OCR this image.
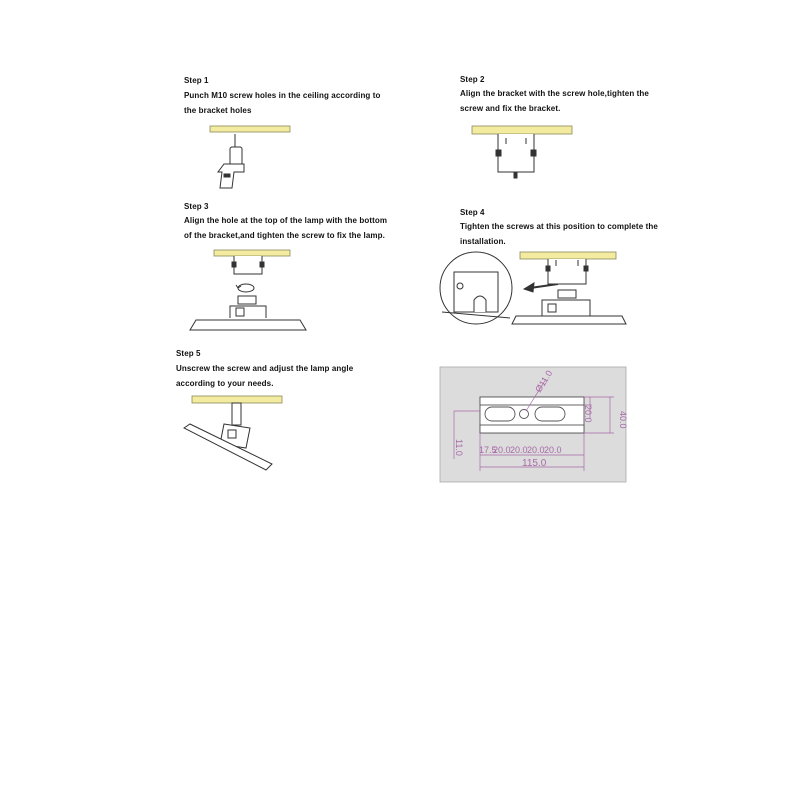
Step 1
Punch M10 screw holes in the ceiling according to
the bracket holes
Step 2
Align the bracket with the screw hole,tighten the
screw and fix the bracket.
Step 3
Align the hole at the top of the lamp with the bottom
of the bracket,and tighten the screw to fix the lamp.
Step 4
Tighten the screws at this position to complete the
installation.
Step 5
Unscrew the screw and adjust the lamp angle
according to your needs.	Ø11.0
17.5
20.0 20.0 20.0 20.0
115.0
40.0
20.0
11.0
